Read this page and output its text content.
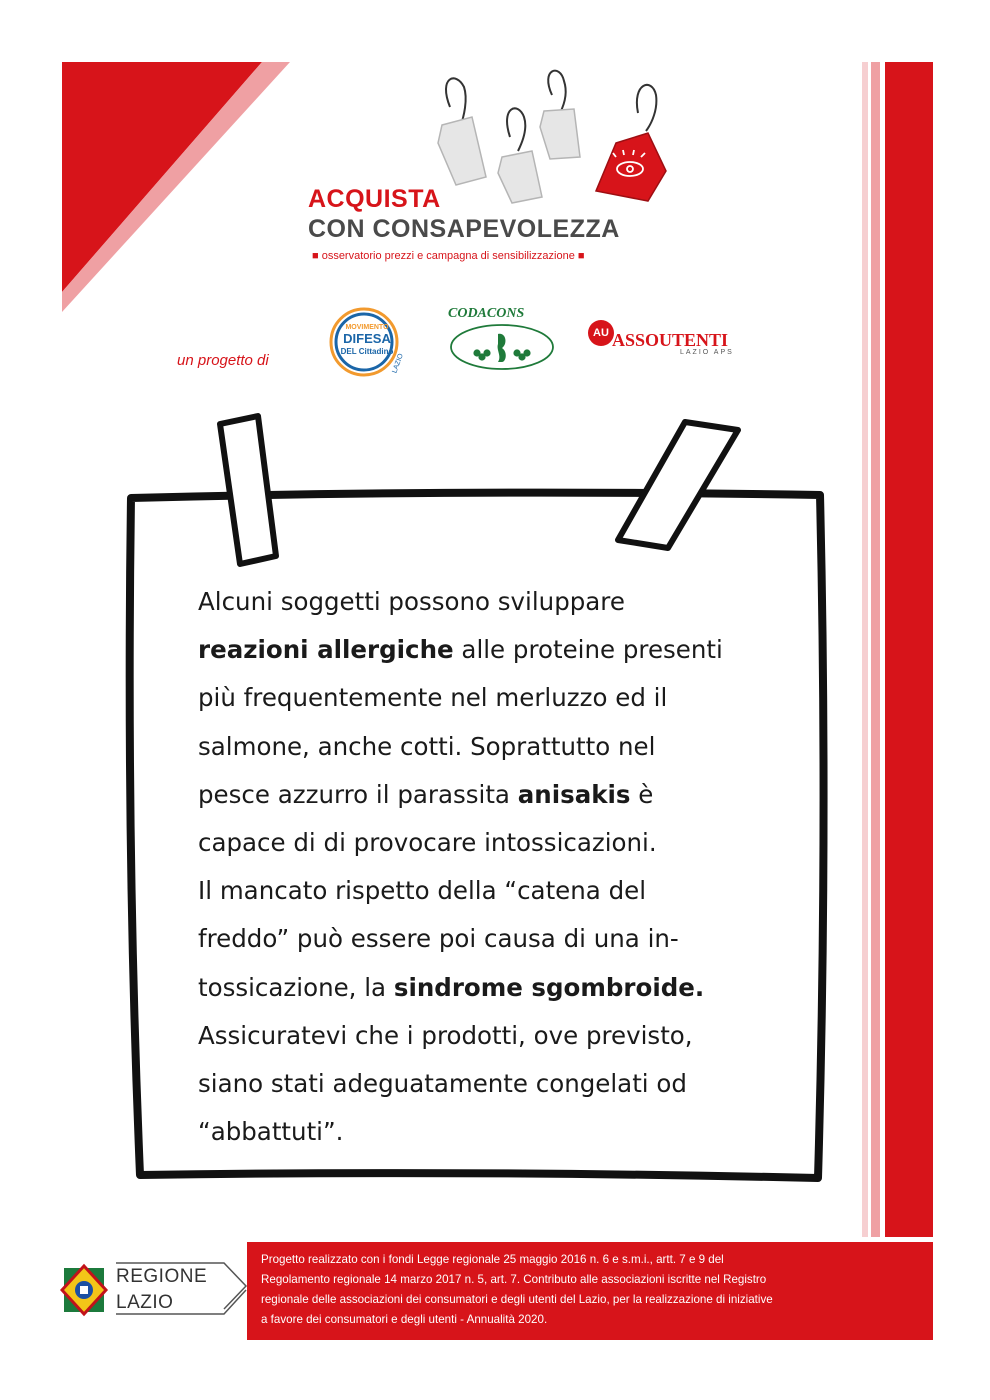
ACQUISTA
CON CONSAPEVOLEZZA
■ osservatorio prezzi e campagna di sensibilizzazione ■
un progetto di
MOVIMENTO
DIFESA
DEL Cittadino
LAZIO
CODACONS
AU ASSOUTENTI
LAZIO APS

Alcuni soggetti possono sviluppare

reazioni allergiche alle proteine presenti

più frequentemente nel merluzzo ed il

salmone, anche cotti. Soprattutto nel

pesce azzurro il parassita anisakis è

capace di di provocare intossicazioni.

Il mancato rispetto della “catena del

freddo” può essere poi causa di una in-

tossicazione, la sindrome sgombroide.

Assicuratevi che i prodotti, ove previsto,

siano stati adeguatamente congelati od

“abbattuti”.

REGIONE
LAZIO

Progetto realizzato con i fondi Legge regionale 25 maggio 2016 n. 6 e s.m.i., artt. 7 e 9 del

Regolamento regionale 14 marzo 2017 n. 5, art. 7. Contributo alle associazioni iscritte nel Registro

regionale delle associazioni dei consumatori e degli utenti del Lazio, per la realizzazione di iniziative

a favore dei consumatori e degli utenti - Annualità 2020.
